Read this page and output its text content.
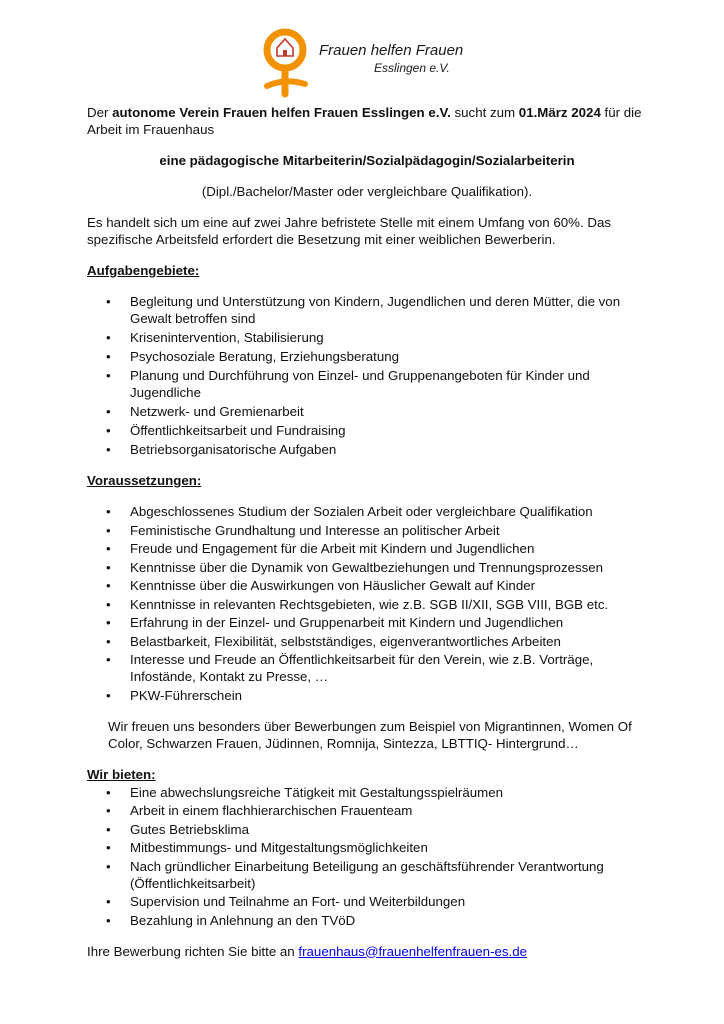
Frauen helfen Frauen
Esslingen e.V.

Der autonome Verein Frauen helfen Frauen Esslingen e.V. sucht zum 01.März 2024 für die Arbeit im Frauenhaus

eine pädagogische Mitarbeiterin/Sozialpädagogin/Sozialarbeiterin

(Dipl./Bachelor/Master oder vergleichbare Qualifikation).

Es handelt sich um eine auf zwei Jahre befristete Stelle mit einem Umfang von 60%. Das spezifische Arbeitsfeld erfordert die Besetzung mit einer weiblichen Bewerberin.

Aufgabengebiete:

• Begleitung und Unterstützung von Kindern, Jugendlichen und deren Mütter, die von Gewalt betroffen sind
• Krisenintervention, Stabilisierung
• Psychosoziale Beratung, Erziehungsberatung
• Planung und Durchführung von Einzel- und Gruppenangeboten für Kinder und Jugendliche
• Netzwerk- und Gremienarbeit
• Öffentlichkeitsarbeit und Fundraising
• Betriebsorganisatorische Aufgaben

Voraussetzungen:

• Abgeschlossenes Studium der Sozialen Arbeit oder vergleichbare Qualifikation
• Feministische Grundhaltung und Interesse an politischer Arbeit
• Freude und Engagement für die Arbeit mit Kindern und Jugendlichen
• Kenntnisse über die Dynamik von Gewaltbeziehungen und Trennungsprozessen
• Kenntnisse über die Auswirkungen von Häuslicher Gewalt auf Kinder
• Kenntnisse in relevanten Rechtsgebieten, wie z.B. SGB II/XII, SGB VIII, BGB etc.
• Erfahrung in der Einzel- und Gruppenarbeit mit Kindern und Jugendlichen
• Belastbarkeit, Flexibilität, selbstständiges, eigenverantwortliches Arbeiten
• Interesse und Freude an Öffentlichkeitsarbeit für den Verein, wie z.B. Vorträge, Infostände, Kontakt zu Presse, …
• PKW-Führerschein

Wir freuen uns besonders über Bewerbungen zum Beispiel von Migrantinnen, Women Of Color, Schwarzen Frauen, Jüdinnen, Romnija, Sintezza, LBTTIQ- Hintergrund…

Wir bieten:

• Eine abwechslungsreiche Tätigkeit mit Gestaltungsspielräumen
• Arbeit in einem flachhierarchischen Frauenteam
• Gutes Betriebsklima
• Mitbestimmungs- und Mitgestaltungsmöglichkeiten
• Nach gründlicher Einarbeitung Beteiligung an geschäftsführender Verantwortung (Öffentlichkeitsarbeit)
• Supervision und Teilnahme an Fort- und Weiterbildungen
• Bezahlung in Anlehnung an den TVöD

Ihre Bewerbung richten Sie bitte an frauenhaus@frauenhelfenfrauen-es.de
